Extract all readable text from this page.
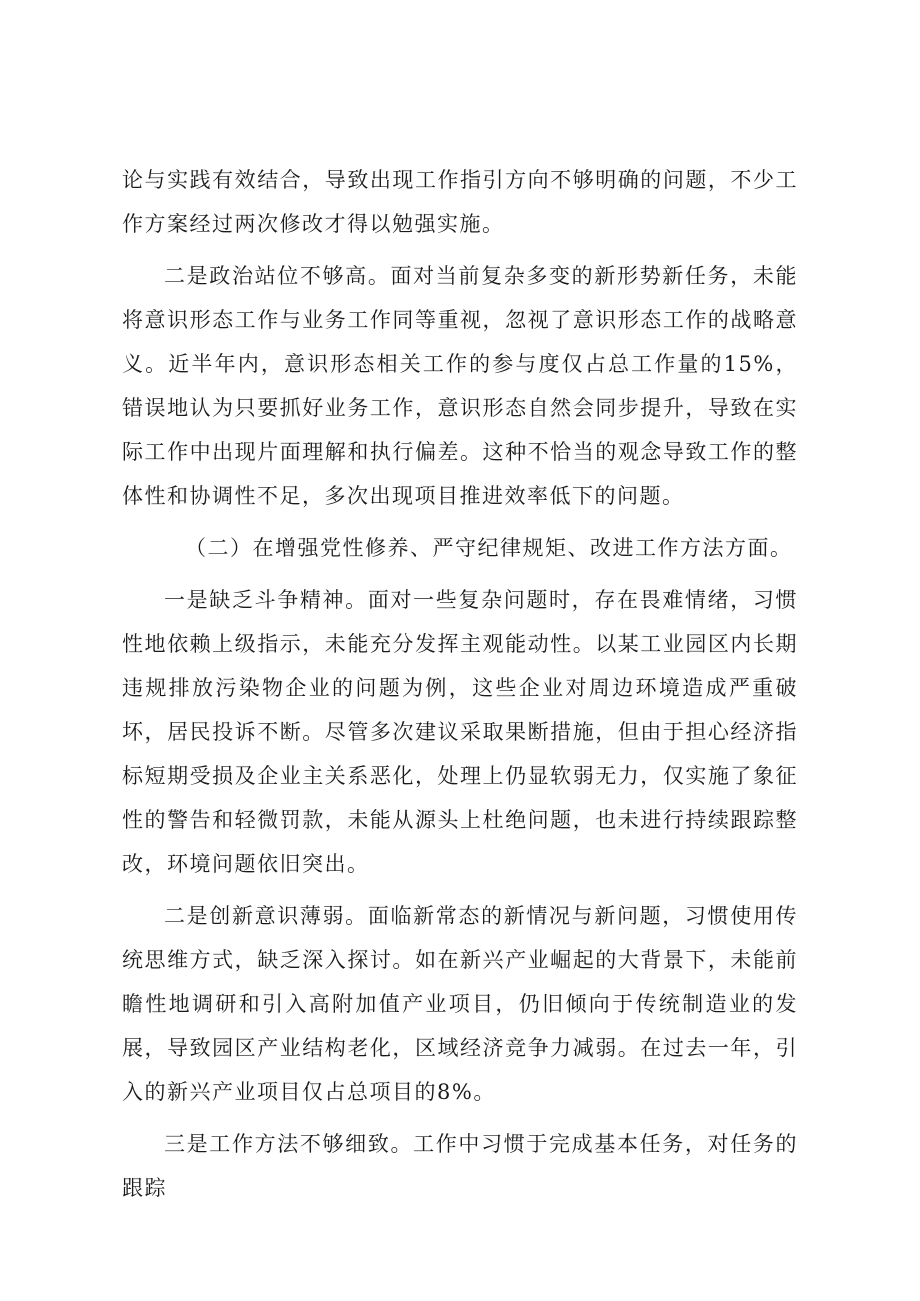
论与实践有效结合，导致出现工作指引方向不够明确的问题，不少工作方案经过两次修改才得以勉强实施。

二是政治站位不够高。面对当前复杂多变的新形势新任务，未能将意识形态工作与业务工作同等重视，忽视了意识形态工作的战略意义。近半年内，意识形态相关工作的参与度仅占总工作量的15%，错误地认为只要抓好业务工作，意识形态自然会同步提升，导致在实际工作中出现片面理解和执行偏差。这种不恰当的观念导致工作的整体性和协调性不足，多次出现项目推进效率低下的问题。

（二）在增强党性修养、严守纪律规矩、改进工作方法方面。

一是缺乏斗争精神。面对一些复杂问题时，存在畏难情绪，习惯性地依赖上级指示，未能充分发挥主观能动性。以某工业园区内长期违规排放污染物企业的问题为例，这些企业对周边环境造成严重破坏，居民投诉不断。尽管多次建议采取果断措施，但由于担心经济指标短期受损及企业主关系恶化，处理上仍显软弱无力，仅实施了象征性的警告和轻微罚款，未能从源头上杜绝问题，也未进行持续跟踪整改，环境问题依旧突出。

二是创新意识薄弱。面临新常态的新情况与新问题，习惯使用传统思维方式，缺乏深入探讨。如在新兴产业崛起的大背景下，未能前瞻性地调研和引入高附加值产业项目，仍旧倾向于传统制造业的发展，导致园区产业结构老化，区域经济竞争力减弱。在过去一年，引入的新兴产业项目仅占总项目的8%。

三是工作方法不够细致。工作中习惯于完成基本任务，对任务的跟踪
